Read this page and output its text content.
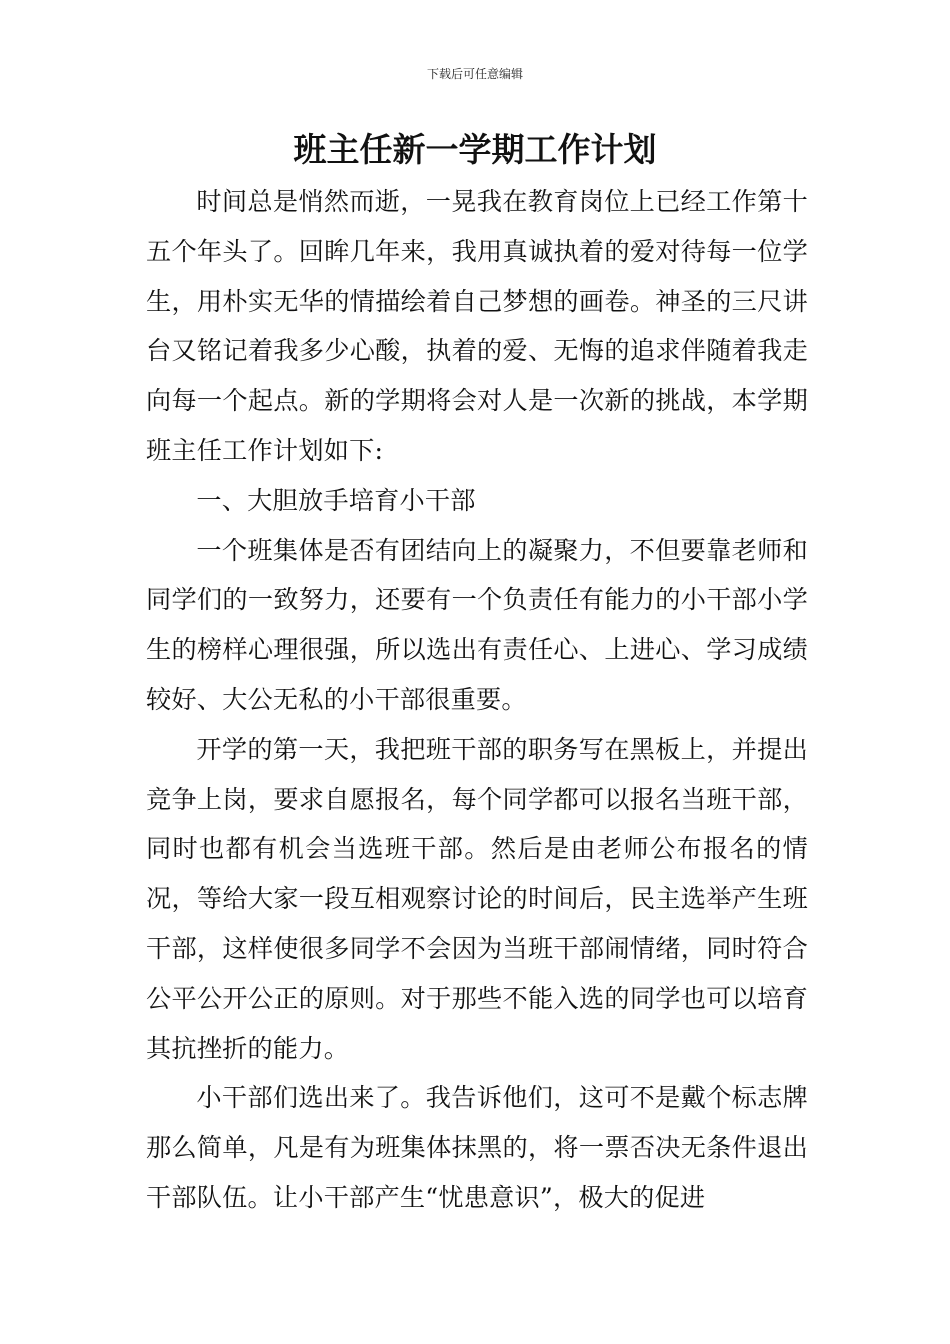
下载后可任意编辑
班主任新一学期工作计划

时间总是悄然而逝，一晃我在教育岗位上已经工作第十五个年头了。回眸几年来，我用真诚执着的爱对待每一位学生，用朴实无华的情描绘着自己梦想的画卷。神圣的三尺讲台又铭记着我多少心酸，执着的爱、无悔的追求伴随着我走向每一个起点。新的学期将会对人是一次新的挑战，本学期班主任工作计划如下:

一、大胆放手培育小干部

一个班集体是否有团结向上的凝聚力，不但要靠老师和同学们的一致努力，还要有一个负责任有能力的小干部小学生的榜样心理很强，所以选出有责任心、上进心、学习成绩较好、大公无私的小干部很重要。

开学的第一天，我把班干部的职务写在黑板上，并提出竞争上岗，要求自愿报名，每个同学都可以报名当班干部，同时也都有机会当选班干部。然后是由老师公布报名的情况，等给大家一段互相观察讨论的时间后，民主选举产生班干部，这样使很多同学不会因为当班干部闹情绪，同时符合公平公开公正的原则。对于那些不能入选的同学也可以培育其抗挫折的能力。

小干部们选出来了。我告诉他们，这可不是戴个标志牌那么简单，凡是有为班集体抹黑的，将一票否决无条件退出干部队伍。让小干部产生“忧患意识”，极大的促进
